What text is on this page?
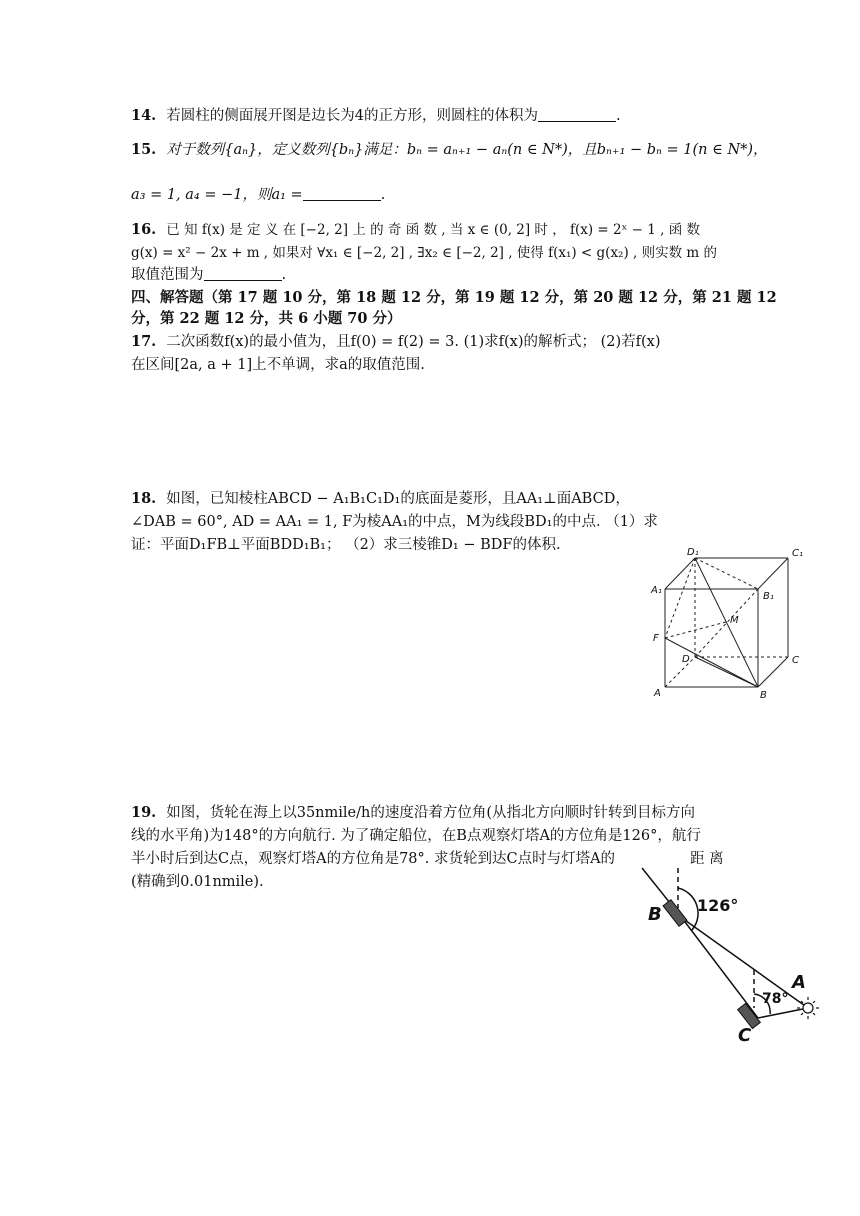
14. 若圆柱的侧面展开图是边长为4的正方形，则圆柱的体积为	.
15. 对于数列{aₙ}，定义数列{bₙ}满足：bₙ = aₙ₊₁ − aₙ(n ∈ N*)，且bₙ₊₁ − bₙ = 1(n ∈ N*)，
a₃ = 1, a₄ = −1，则a₁ =	.
16. 已 知 f(x) 是 定 义 在 [−2, 2] 上 的 奇 函 数 , 当 x ∈ (0, 2] 时 ， f(x) = 2ˣ − 1 , 函 数
g(x) = x² − 2x + m , 如果对 ∀x₁ ∈ [−2, 2] , ∃x₂ ∈ [−2, 2] , 使得 f(x₁) < g(x₂) , 则实数 m 的
取值范围为	.
四、解答题（第 17 题 10 分，第 18 题 12 分，第 19 题 12 分，第 20 题 12 分，第 21 题 12
分，第 22 题 12 分，共 6 小题 70 分）
17. 二次函数f(x)的最小值为，且f(0) = f(2) = 3. (1)求f(x)的解析式； (2)若f(x)
在区间[2a, a + 1]上不单调，求a的取值范围.
18. 如图，已知棱柱ABCD − A₁B₁C₁D₁的底面是菱形，且AA₁⊥面ABCD，
∠DAB = 60°, AD = AA₁ = 1, F为棱AA₁的中点，M为线段BD₁的中点. （1）求
证：平面D₁FB⊥平面BDD₁B₁； （2）求三棱锥D₁ − BDF的体积.	D₁	C₁
A₁
B₁
M
F
D	C
A	B
19. 如图，货轮在海上以35nmile/h的速度沿着方位角(从指北方向顺时针转到目标方向
线的水平角)为148°的方向航行. 为了确定船位，在B点观察灯塔A的方位角是126°，航行
半小时后到达C点，观察灯塔A的方位角是78°. 求货轮到达C点时与灯塔A的	距 离
(精确到0.01nmile).
B
C
A
126°
78°
